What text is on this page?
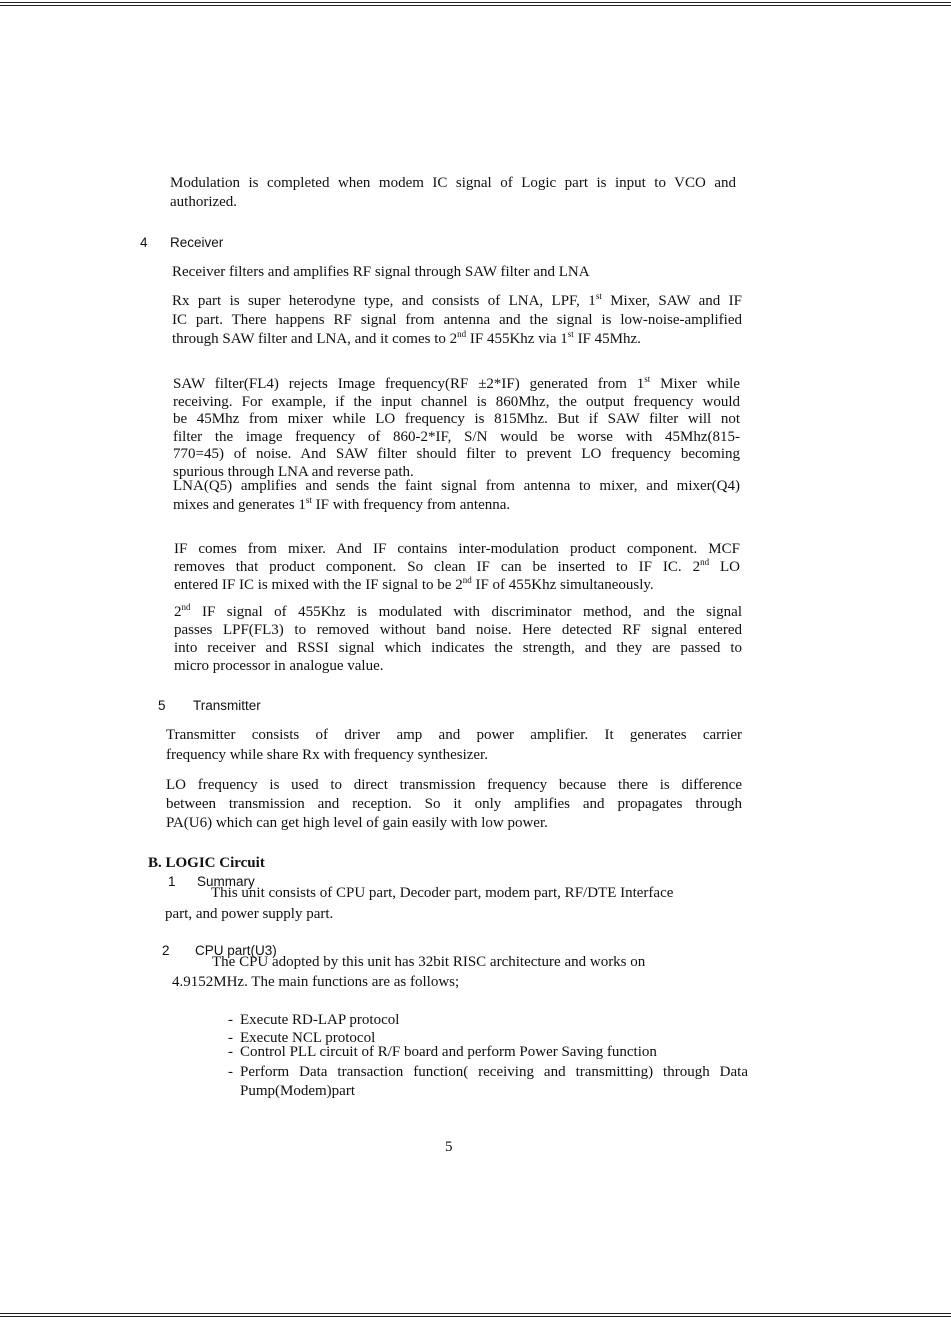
Modulation is completed when modem IC signal of Logic part is input to VCO and
authorized.
4 Receiver
Receiver filters and amplifies RF signal through SAW filter and LNA
Rx part is super heterodyne type, and consists of LNA, LPF, 1st Mixer, SAW and IF
IC part. There happens RF signal from antenna and the signal is low-noise-amplified
through SAW filter and LNA, and it comes to 2nd IF 455Khz via 1st IF 45Mhz.
SAW filter(FL4) rejects Image frequency(RF ±2*IF) generated from 1st Mixer while
receiving. For example, if the input channel is 860Mhz, the output frequency would
be 45Mhz from mixer while LO frequency is 815Mhz. But if SAW filter will not
filter the image frequency of 860-2*IF, S/N would be worse with 45Mhz(815-
770=45) of noise. And SAW filter should filter to prevent LO frequency becoming
spurious through LNA and reverse path.
LNA(Q5) amplifies and sends the faint signal from antenna to mixer, and mixer(Q4)
mixes and generates 1st IF with frequency from antenna.
IF comes from mixer. And IF contains inter-modulation product component. MCF
removes that product component. So clean IF can be inserted to IF IC. 2nd LO
entered IF IC is mixed with the IF signal to be 2nd IF of 455Khz simultaneously.
2nd IF signal of 455Khz is modulated with discriminator method, and the signal
passes LPF(FL3) to removed without band noise. Here detected RF signal entered
into receiver and RSSI signal which indicates the strength, and they are passed to
micro processor in analogue value.
5 Transmitter
Transmitter consists of driver amp and power amplifier. It generates carrier
frequency while share Rx with frequency synthesizer.
LO frequency is used to direct transmission frequency because there is difference
between transmission and reception. So it only amplifies and propagates through
PA(U6) which can get high level of gain easily with low power.
B. LOGIC Circuit
1 Summary
This unit consists of CPU part, Decoder part, modem part, RF/DTE Interface
part, and power supply part.
2 CPU part(U3)
The CPU adopted by this unit has 32bit RISC architecture and works on
4.9152MHz. The main functions are as follows;
- Execute RD-LAP protocol
- Execute NCL protocol
- Control PLL circuit of R/F board and perform Power Saving function
- Perform Data transaction function( receiving and transmitting) through Data
Pump(Modem)part
5
